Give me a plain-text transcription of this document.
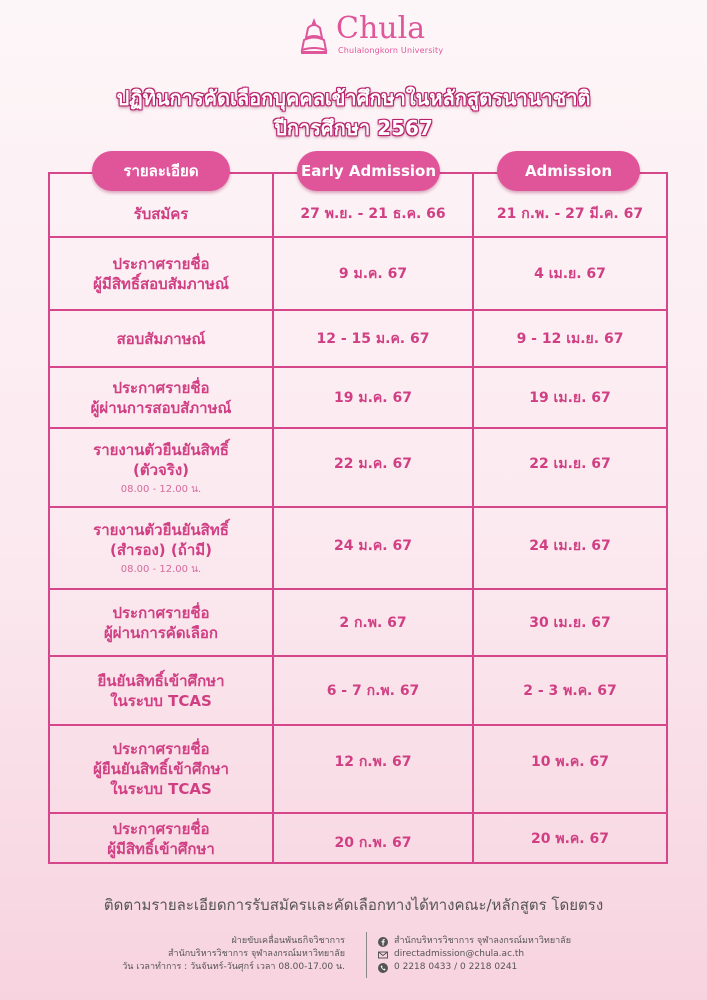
Chula
Chulalongkorn University
ปฏิทินการคัดเลือกบุคคลเข้าศึกษาในหลักสูตรนานาชาติ
ปีการศึกษา 2567
รายละเอียด	Early Admission	Admission
รับสมัคร	27 พ.ย. - 21 ธ.ค. 66	21 ก.พ. - 27 มี.ค. 67
ประกาศรายชื่อ
ผู้มีสิทธิ์สอบสัมภาษณ์
9 ม.ค. 67	4 เม.ย. 67
สอบสัมภาษณ์	12 - 15 ม.ค. 67	9 - 12 เม.ย. 67
ประกาศรายชื่อ
ผู้ผ่านการสอบสัภาษณ์
19 ม.ค. 67	19 เม.ย. 67
รายงานตัวยืนยันสิทธิ์
(ตัวจริง)
08.00 - 12.00 น.
22 ม.ค. 67	22 เม.ย. 67
รายงานตัวยืนยันสิทธิ์
(สำรอง) (ถ้ามี)
08.00 - 12.00 น.
24 ม.ค. 67	24 เม.ย. 67
ประกาศรายชื่อ
ผู้ผ่านการคัดเลือก
2 ก.พ. 67	30 เม.ย. 67
ยืนยันสิทธิ์เข้าศึกษา
ในระบบ TCAS
6 - 7 ก.พ. 67	2 - 3 พ.ค. 67
ประกาศรายชื่อ
ผู้ยืนยันสิทธิ์เข้าศึกษา
ในระบบ TCAS
12 ก.พ. 67	10 พ.ค. 67
ประกาศรายชื่อ
ผู้มีสิทธิ์เข้าศึกษา	20 ก.พ. 67	20 พ.ค. 67
ติดตามรายละเอียดการรับสมัครและคัดเลือกทางได้ทางคณะ/หลักสูตร โดยตรง
ฝ่ายขับเคลื่อนพันธกิจวิชาการ
สำนักบริหารวิชาการ จุฬาลงกรณ์มหาวิทยาลัย
วัน เวลาทำการ : วันจันทร์-วันศุกร์ เวลา 08.00-17.00 น.
สำนักบริหารวิชาการ จุฬาลงกรณ์มหาวิทยาลัย
directadmission@chula.ac.th
0 2218 0433 / 0 2218 0241
